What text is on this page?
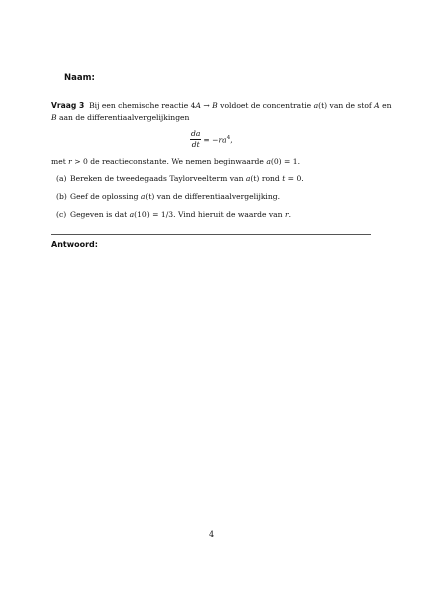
Naam:
Vraag 3 Bij een chemische reactie 4A → B voldoet de concentratie a(t) van de stof A en
B aan de differentiaalvergelijkingen
$\frac{da}{dt} = -ra^4$,
met r > 0 de reactieconstante. We nemen beginwaarde a(0) = 1.
(a) Bereken de tweedegaads Taylorveelterm van a(t) rond t = 0.
(b) Geef de oplossing a(t) van de differentiaalvergelijking.
(c) Gegeven is dat a(10) = 1/3. Vind hieruit de waarde van r.
Antwoord:
4
